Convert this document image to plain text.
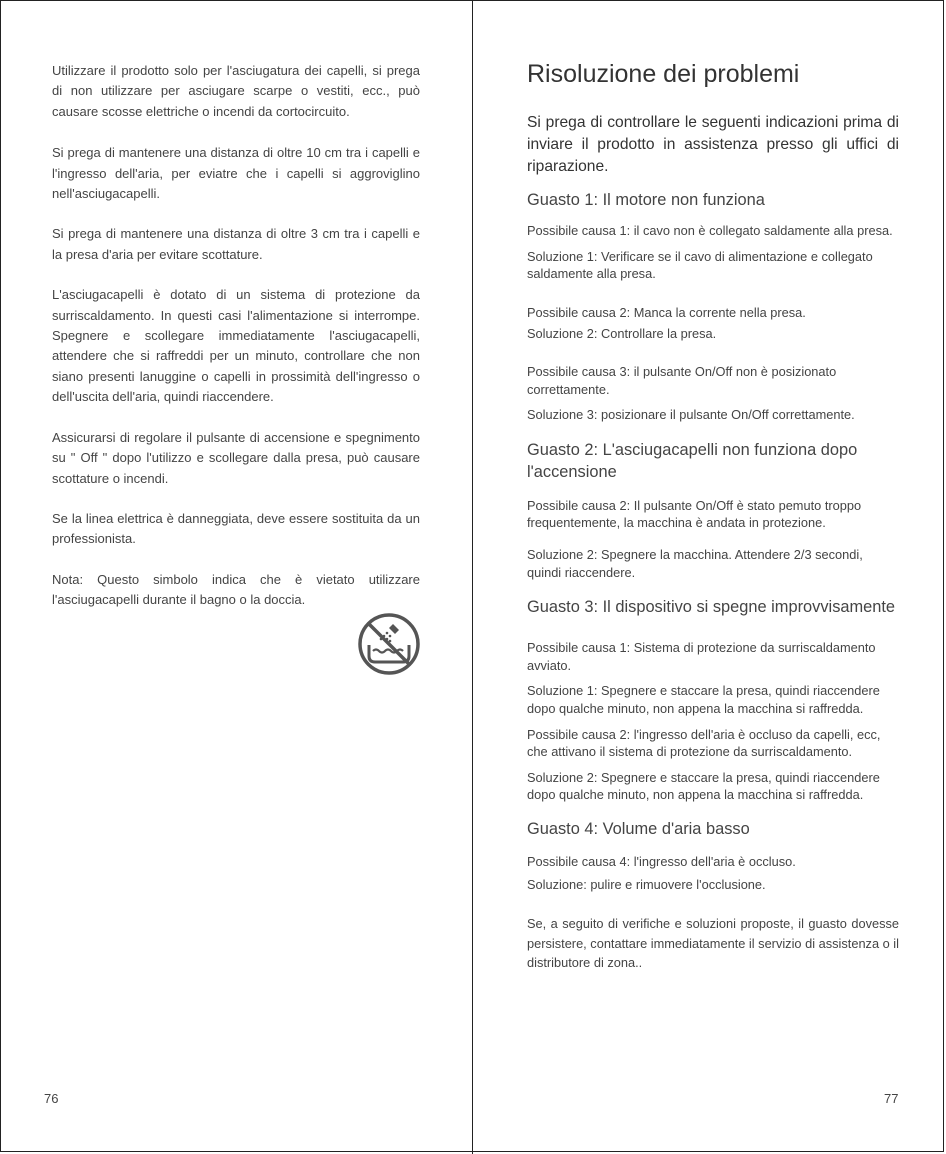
Utilizzare il prodotto solo per l'asciugatura dei capelli, si prega di non utilizzare per asciugare scarpe o vestiti, ecc., può causare scosse elettriche o incendi da cortocircuito.

Si prega di mantenere una distanza di oltre 10 cm tra i capelli e l'ingresso dell'aria, per eviatre che i capelli si aggroviglino nell'asciugacapelli.

Si prega di mantenere una distanza di oltre 3 cm tra i capelli e la presa d'aria per evitare scottature.

L'asciugacapelli è dotato di un sistema di protezione da surriscaldamento. In questi casi l'alimentazione si interrompe. Spegnere e scollegare immediatamente l'asciugacapelli, attendere che si raffreddi per un minuto, controllare che non siano presenti lanuggine o capelli in prossimità dell'ingresso o dell'uscita dell'aria, quindi riaccendere.

Assicurarsi di regolare il pulsante di accensione e spegnimento su " Off " dopo l'utilizzo e scollegare dalla presa, può causare scottature o incendi.

Se la linea elettrica è danneggiata, deve essere sostituita da un professionista.

Nota: Questo simbolo indica che è vietato utilizzare l'asciugacapelli durante il bagno o la doccia.

76
Risoluzione dei problemi

Si prega di controllare le seguenti indicazioni prima di inviare il prodotto in assistenza presso gli uffici di riparazione.

Guasto 1: Il motore non funziona

Possibile causa 1: il cavo non è collegato saldamente alla presa.

Soluzione 1: Verificare se il cavo di alimentazione e collegato saldamente alla presa.

Possibile causa 2: Manca la corrente nella presa.

Soluzione 2: Controllare la presa.

Possibile causa 3: il pulsante On/Off non è posizionato correttamente.

Soluzione 3: posizionare il pulsante On/Off correttamente.

Guasto 2: L'asciugacapelli non funziona dopo l'accensione

Possibile causa 2: Il pulsante On/Off è stato pemuto troppo frequentemente, la macchina è andata in protezione.

Soluzione 2: Spegnere la macchina. Attendere 2/3 secondi, quindi riaccendere.

Guasto 3: Il dispositivo si spegne improvvisamente

Possibile causa 1: Sistema di protezione da surriscaldamento avviato.

Soluzione 1: Spegnere e staccare la presa, quindi riaccendere dopo qualche minuto, non appena la macchina si raffredda.

Possibile causa 2: l'ingresso dell'aria è occluso da capelli, ecc, che attivano il sistema di protezione da surriscaldamento.

Soluzione 2: Spegnere e staccare la presa, quindi riaccendere dopo qualche minuto, non appena la macchina si raffredda.

Guasto 4: Volume d'aria basso

Possibile causa 4: l'ingresso dell'aria è occluso.

Soluzione: pulire e rimuovere l'occlusione.

Se, a seguito di verifiche e soluzioni proposte, il guasto dovesse persistere, contattare immediatamente il servizio di assistenza o il distributore di zona..

77
